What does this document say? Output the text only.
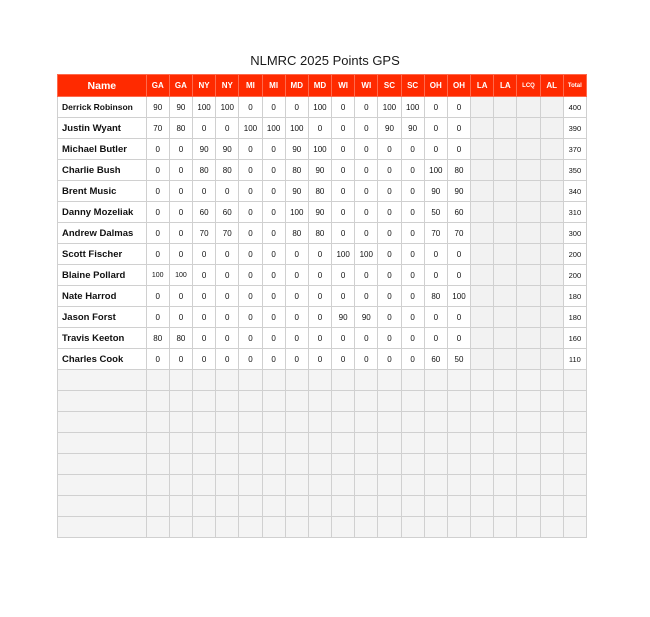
NLMRC 2025 Points GPS
Name	GA	GA	NY	NY	MI	MI	MD	MD	WI	WI	SC	SC	OH	OH	LA	LA	LCQ	AL	Total
Derrick Robinson	90	90	100	100	0	0	0	100	0	0	100	100	0	0					400
Justin Wyant	70	80	0	0	100	100	100	0	0	0	90	90	0	0					390
Michael Butler	0	0	90	90	0	0	90	100	0	0	0	0	0	0					370
Charlie Bush	0	0	80	80	0	0	80	90	0	0	0	0	100	80					350
Brent Music	0	0	0	0	0	0	90	80	0	0	0	0	90	90					340
Danny Mozeliak	0	0	60	60	0	0	100	90	0	0	0	0	50	60					310
Andrew Dalmas	0	0	70	70	0	0	80	80	0	0	0	0	70	70					300
Scott Fischer	0	0	0	0	0	0	0	0	100	100	0	0	0	0					200
Blaine Pollard	100	100	0	0	0	0	0	0	0	0	0	0	0	0					200
Nate Harrod	0	0	0	0	0	0	0	0	0	0	0	0	80	100					180
Jason Forst	0	0	0	0	0	0	0	0	90	90	0	0	0	0					180
Travis Keeton	80	80	0	0	0	0	0	0	0	0	0	0	0	0					160
Charles Cook	0	0	0	0	0	0	0	0	0	0	0	0	60	50					110
